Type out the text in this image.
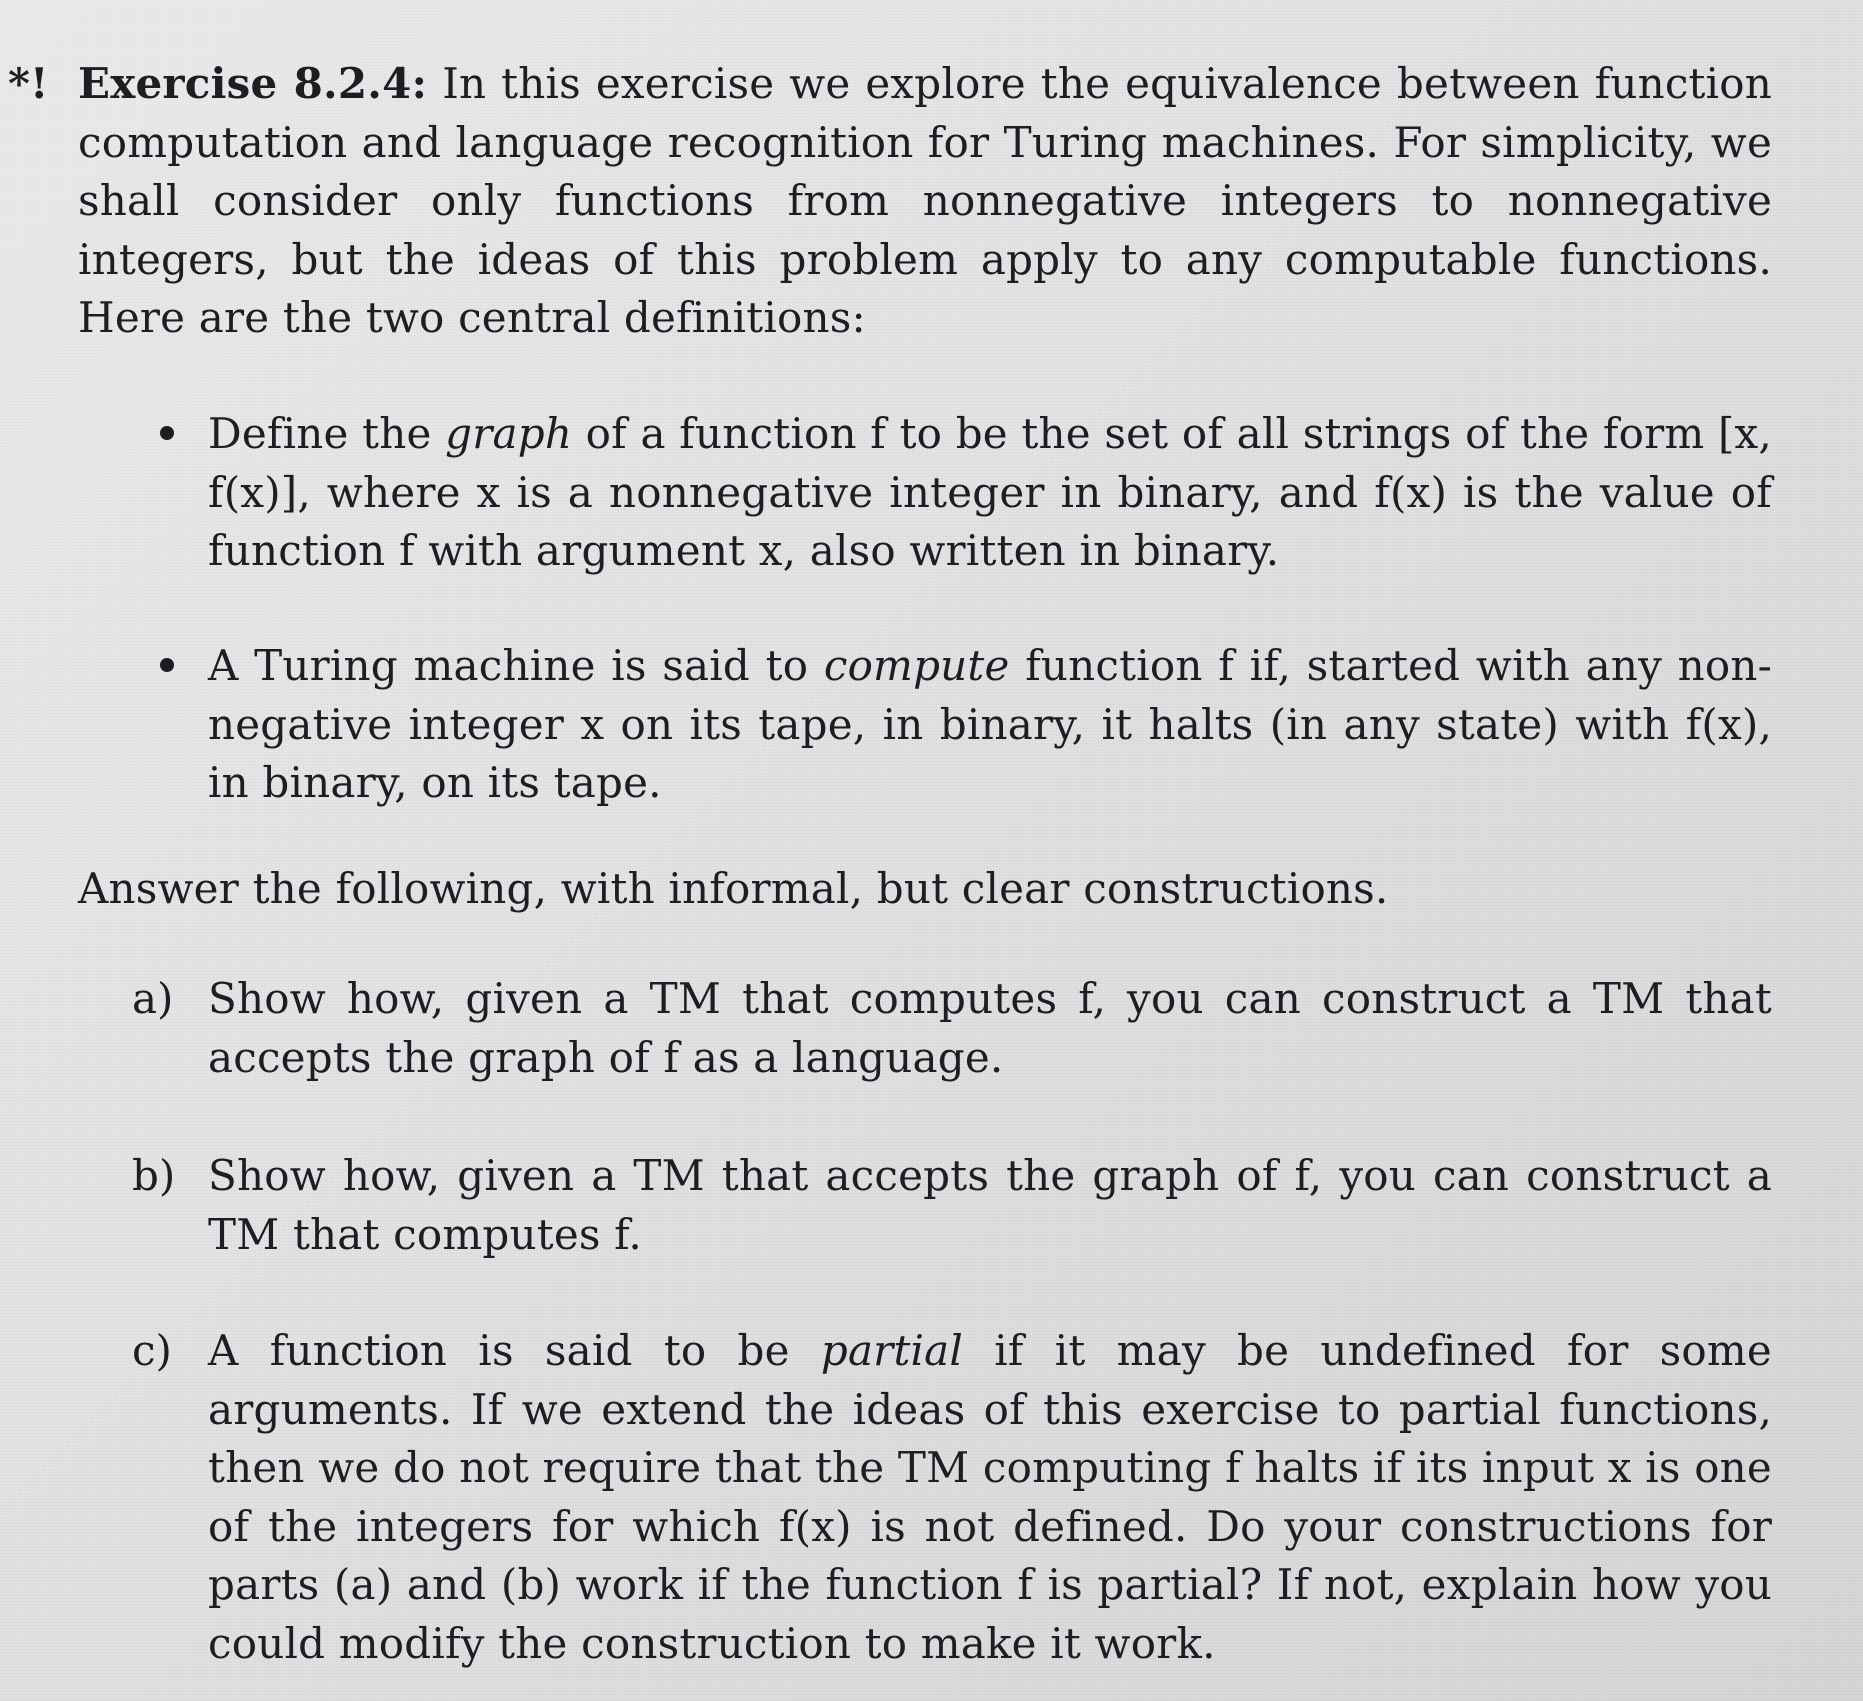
*! Exercise 8.2.4: In this exercise we explore the equivalence between function computation and language recognition for Turing machines. For simplicity, we shall consider only functions from nonnegative integers to nonnegative integers, but the ideas of this problem apply to any computable functions. Here are the two central definitions:
Define the graph of a function f to be the set of all strings of the form [x, f(x)], where x is a nonnegative integer in binary, and f(x) is the value of function f with argument x, also written in binary.
A Turing machine is said to compute function f if, started with any non-negative integer x on its tape, in binary, it halts (in any state) with f(x), in binary, on its tape.
Answer the following, with informal, but clear constructions.
a) Show how, given a TM that computes f, you can construct a TM that accepts the graph of f as a language.
b) Show how, given a TM that accepts the graph of f, you can construct a TM that computes f.
c) A function is said to be partial if it may be undefined for some arguments. If we extend the ideas of this exercise to partial functions, then we do not require that the TM computing f halts if its input x is one of the integers for which f(x) is not defined. Do your constructions for parts (a) and (b) work if the function f is partial? If not, explain how you could modify the construction to make it work.
